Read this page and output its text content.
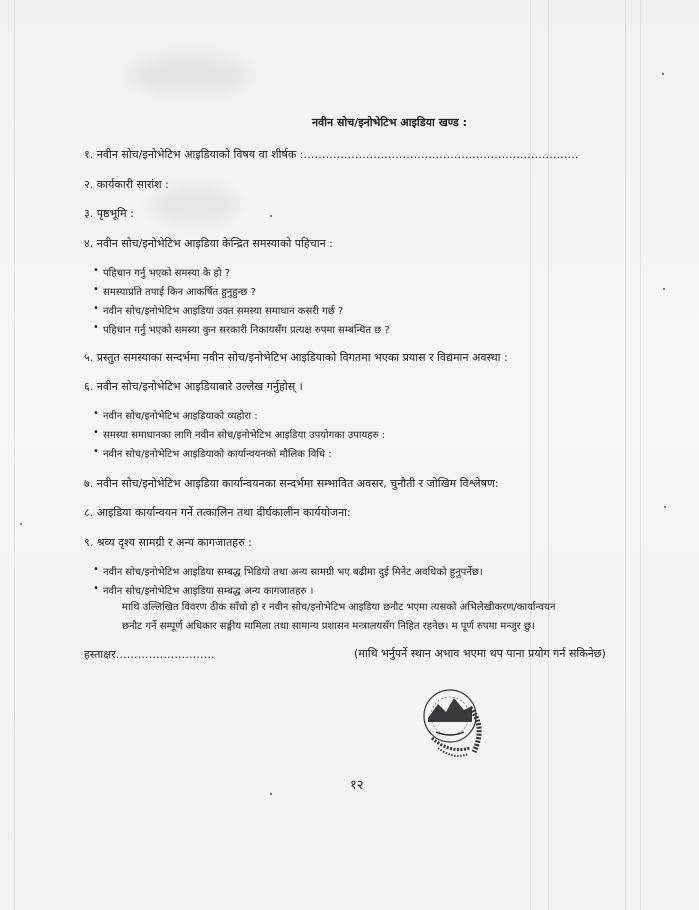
नवीन सोच/इनोभेटिभ आइडिया खण्ड :
१. नवीन सोच/इनोभेटिभ आइडियाको विषय वा शीर्षक :…………………………………………………………………
२. कार्यकारी सारांश :
३. पृष्ठभूमि :
४. नवीन सोच/इनोभेटिभ आइडिया केन्द्रित समस्याको पहिचान :
• पहिचान गर्नु भएको समस्या के हो ?
• समस्याप्रति तपाई किन आकर्षित हुनुहुन्छ ?
• नवीन सोच/इनोभेटिभ आइडिया उक्त समस्या समाधान कसरी गर्छ ?
• पहिचान गर्नु भएको समस्या कुन सरकारी निकायसँग प्रत्यक्ष रुपमा सम्बन्धित छ ?
५. प्रस्तुत समस्याका सन्दर्भमा नवीन सोच/इनोभेटिभ आइडियाको विगतमा भएका प्रयास र विद्यमान अवस्था :
६. नवीन सोच/इनोभेटिभ आइडियाबारे उल्लेख गर्नुहोस् ।
• नवीन सोच/इनोभेटिभ आइडियाको व्यहोरा :
• समस्या समाधानका लागि नवीन सोच/इनोभेटिभ आइडिया उपयोगका उपायहरु :
• नवीन सोच/इनोभेटिभ आइडियाको कार्यान्वयनको मौलिक विधि :
७. नवीन सोच/इनोभेटिभ आइडिया कार्यान्वयनका सन्दर्भमा सम्भावित अवसर, चुनौती र जोखिम विश्लेषण:
८. आइडिया कार्यान्वयन गर्ने तत्कालिन तथा दीर्घकालीन कार्ययोजना:
९. श्रव्य दृश्य सामग्री र अन्य कागजातहरु :
• नवीन सोच/इनोभेटिभ आइडिया सम्बद्ध भिडियो तथा अन्य सामग्री भए बढीमा दुई मिनेट अवधिको हुनुपर्नेछ।
• नवीन सोच/इनोभेटिभ आइडिया सम्बद्ध अन्य कागजातहरु ।
माथि उल्लिखित विवरण ठीक साँचो हो र नवीन सोच/इनोभेटिभ आइडिया छनौट भएमा त्यसको अभिलेखीकरण/कार्यान्वयन
छनौट गर्ने सम्पूर्ण अधिकार सङ्घीय मामिला तथा सामान्य प्रशासन मन्त्रालयसँग निहित रहनेछ। म पूर्ण रुपमा मन्जुर छु।
हस्ताक्षर………………………	(माथि भर्नुपर्ने स्थान अभाव भएमा थप पाना प्रयोग गर्न सकिनेछ)
१२
